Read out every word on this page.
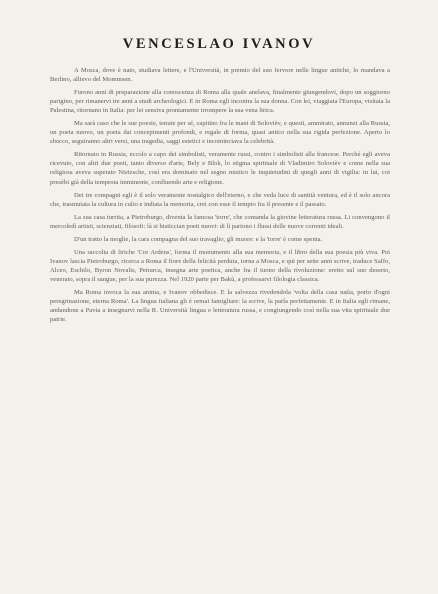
VENCESLAO IVANOV

A Mosca, dove è nato, studiava lettere, e l'Università, in premio del suo fervore nelle lingue antiche, lo mandava a Berlino, allievo del Mommsen.

Furono anni di preparazione alla conoscenza di Roma alla quale anelava, finalmente giungendovi, dopo un soggiorno parigino, per rimanervi tre anni a studi archeologici. E in Roma egli incontra la sua donna. Con lei, viaggiata l'Europa, visitata la Palestina, ritornano in Italia: per lei sensiva prontamente irrompere la sua vena lirica.

Ma sarà caso che le sue poesie, tenute per sé, capitino fra le mani di Solovièv, e questi, ammirato, annunzi alla Russia, un poeta nuovo, un poeta dai concepimenti profondi, e regale di forma, quasi antico nella sua rigida perfezione. Aperto lo sbocco, seguiranno altri versi, una tragedia, saggi estetici e incominciava la celebrità.

Ritornato in Russia, eccolo a capo dei simbolisti, veramente russi, contro i simbolisti alla francese. Perché egli aveva ricevuto, con altri due poeti, tanto diverso d'arte, Bely e Blok, lo stigma spirituale di Vladimiro Solovièv e come nella sua religiosa aveva superato Nietzsche, così era dominato nel segno mistico le inquietudini di quegli anni di vigilia: in lui, coi presèbi già della tempesta imminente, confluendo arte e religione.

Dei tre compagni egli è il solo veramente nostalgico dell'eterno, e che veda luce di santità ventura, ed è il solo ancora che, trasmutata la cultura in culto e indiata la memoria, crei con esse il tempio fra il presente e il passato.

La sua casa turrita, a Pietroburgo, diventa la famosa 'torre', che comanda la giovine letteratura russa. Li convengono il mercoledì artisti, scienziati, filosofi: là si bisticcian poeti nuovi: di lì partono i flussi delle nuove correnti ideali.

D'un tratto la moglie, la cara compagna del suo travaglio, gli muore: e la 'torre' è come spenta.

Una raccolta di liriche 'Cor Ardens', forma il monumento alla sua memoria, e il libro della sua poesia più viva. Poi Ivanov lascia Pietroburgo, ricerca a Roma il fiore della felicità perduta, torna a Mosca, e qui per sette anni scrive, traduce Saffo, Alceo, Eschilo, Byron Novalis, Petrarca, insegna arte poetica, anche fra il tuono della rivoluzione: eretto sul suo deserto, venerato, sopra il sangue, per la sua purezza. Nel 1920 parte per Bakù, a professarvi filologia classica.

Ma Roma invoca la sua anima, e Ivanov obbedisce. E la salvezza rivedendola 'volta della casa natìa, porto d'ogni peregrinazione, eterna Roma'. La lingua italiana gli è ormai famigliare: la scrive, la parla perfettamente. E in Italia egli rimane, andandone a Pavia a insegnarvi nella R. Università lingua e letteratura russa, e congiungendo così nella sua vita spirituale due patrie.
